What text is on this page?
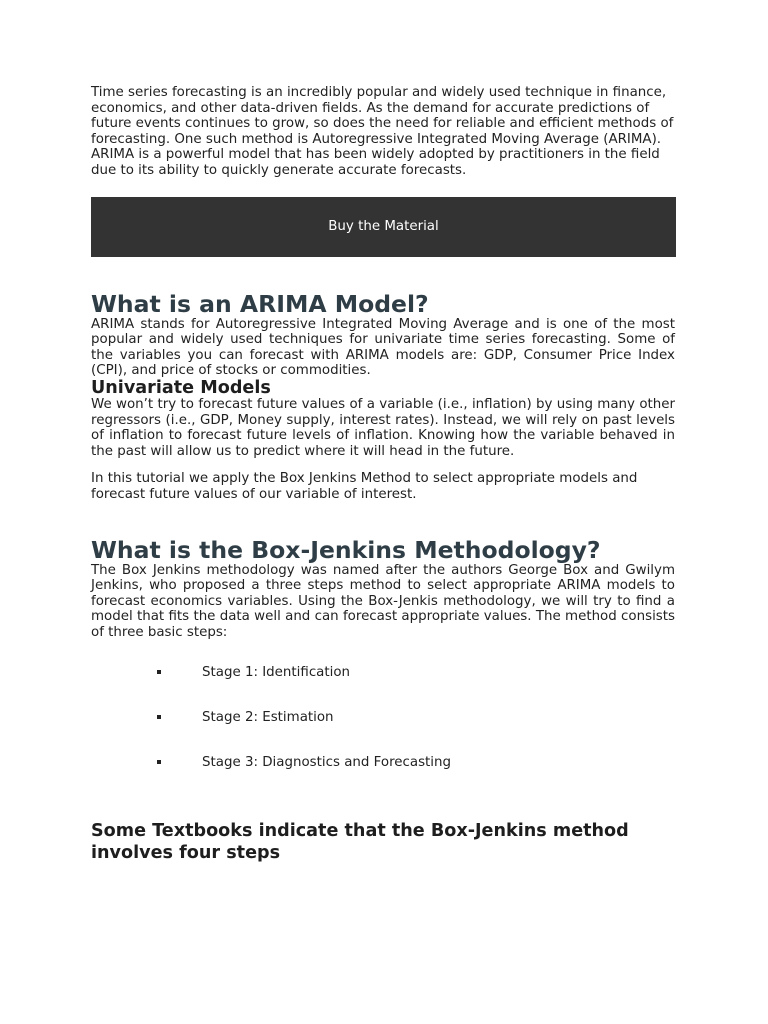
Time series forecasting is an incredibly popular and widely used technique in finance, economics, and other data-driven fields. As the demand for accurate predictions of future events continues to grow, so does the need for reliable and efficient methods of forecasting. One such method is Autoregressive Integrated Moving Average (ARIMA). ARIMA is a powerful model that has been widely adopted by practitioners in the field due to its ability to quickly generate accurate forecasts.

Buy the Material
What is an ARIMA Model?

ARIMA stands for Autoregressive Integrated Moving Average and is one of the most popular and widely used techniques for univariate time series forecasting. Some of the variables you can forecast with ARIMA models are: GDP, Consumer Price Index (CPI), and price of stocks or commodities.

Univariate Models

We won’t try to forecast future values of a variable (i.e., inflation) by using many other regressors (i.e., GDP, Money supply, interest rates). Instead, we will rely on past levels of inflation to forecast future levels of inflation. Knowing how the variable behaved in the past will allow us to predict where it will head in the future.

In this tutorial we apply the Box Jenkins Method to select appropriate models and forecast future values of our variable of interest.

What is the Box-Jenkins Methodology?

The Box Jenkins methodology was named after the authors George Box and Gwilym Jenkins, who proposed a three steps method to select appropriate ARIMA models to forecast economics variables. Using the Box-Jenkis methodology, we will try to find a model that fits the data well and can forecast appropriate values. The method consists of three basic steps:

Stage 1: Identification
Stage 2: Estimation
Stage 3: Diagnostics and Forecasting
Some Textbooks indicate that the Box-Jenkins method involves four steps
